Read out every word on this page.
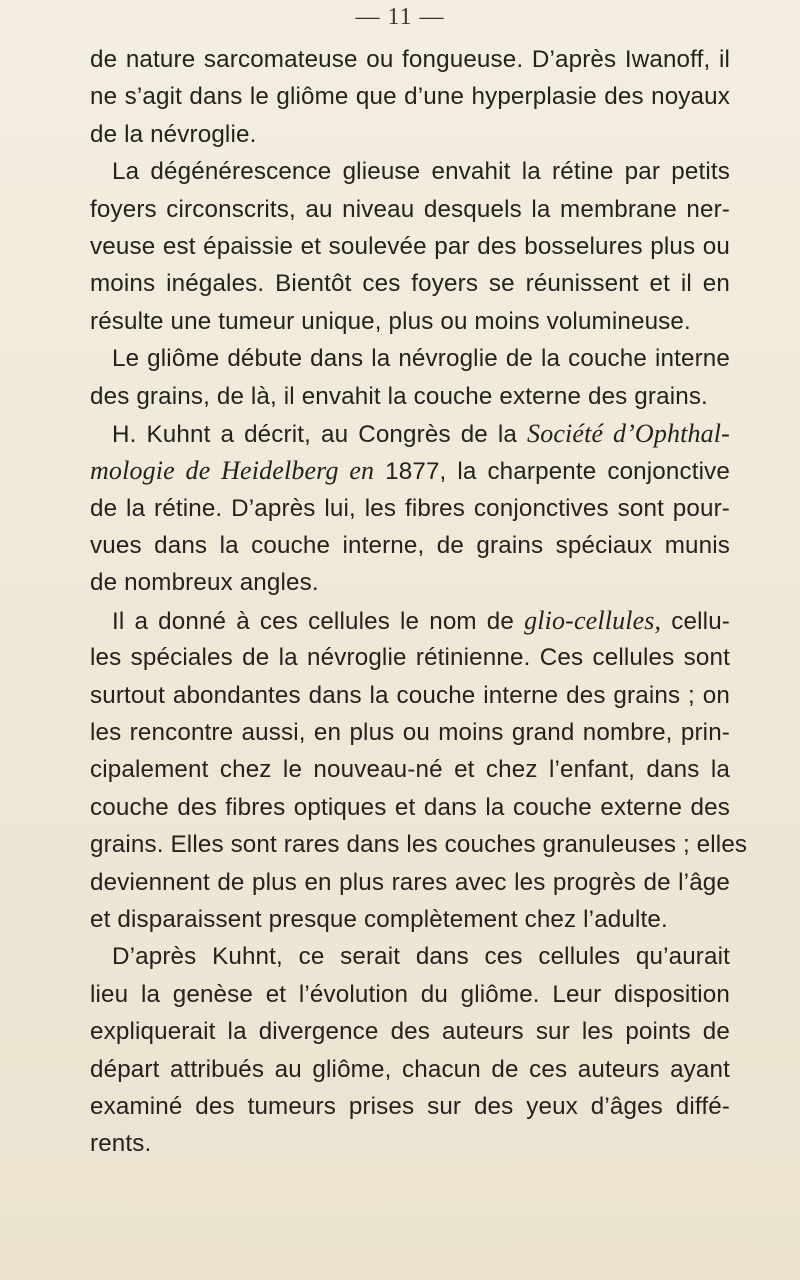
— 11 —
de nature sarcomateuse ou fongueuse. D’après Iwanoff, il
ne s’agit dans le gliôme que d’une hyperplasie des noyaux
de la névroglie.
La dégénérescence glieuse envahit la rétine par petits
foyers circonscrits, au niveau desquels la membrane ner-
veuse est épaissie et soulevée par des bosselures plus ou
moins inégales. Bientôt ces foyers se réunissent et il en
résulte une tumeur unique, plus ou moins volumineuse.
Le gliôme débute dans la névroglie de la couche interne
des grains, de là, il envahit la couche externe des grains.
H. Kuhnt a décrit, au Congrès de la Société d’Ophthal-
mologie de Heidelberg en 1877, la charpente conjonctive
de la rétine. D’après lui, les fibres conjonctives sont pour-
vues dans la couche interne, de grains spéciaux munis
de nombreux angles.
Il a donné à ces cellules le nom de glio-cellules, cellu-
les spéciales de la névroglie rétinienne. Ces cellules sont
surtout abondantes dans la couche interne des grains ; on
les rencontre aussi, en plus ou moins grand nombre, prin-
cipalement chez le nouveau-né et chez l’enfant, dans la
couche des fibres optiques et dans la couche externe des
grains. Elles sont rares dans les couches granuleuses ; elles
deviennent de plus en plus rares avec les progrès de l’âge
et disparaissent presque complètement chez l’adulte.
D’après Kuhnt, ce serait dans ces cellules qu’aurait
lieu la genèse et l’évolution du gliôme. Leur disposition
expliquerait la divergence des auteurs sur les points de
départ attribués au gliôme, chacun de ces auteurs ayant
examiné des tumeurs prises sur des yeux d’âges diffé-
rents.
